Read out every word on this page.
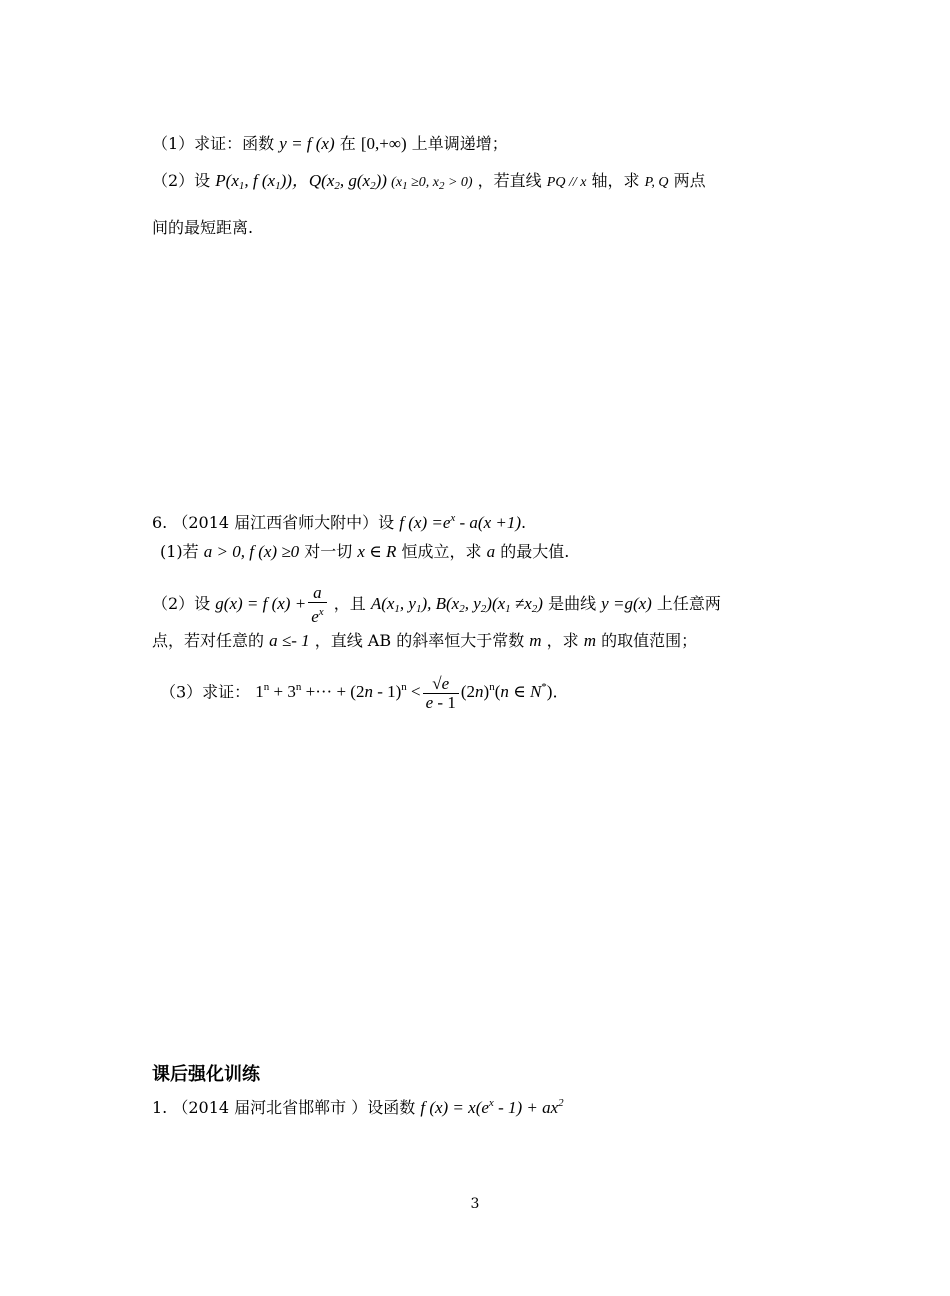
（1）求证：函数 y = f (x) 在 [0,+∞) 上单调递增；
（2）设 $P(x_1$, f $(x_1)$)，$Q(x_2$, $g(x_2)$) ($x_1 \ge 0$, $x_2 > 0$) ，若直线 PQ // x 轴，求 P, Q 两点
间的最短距离.
6. （2014 届江西省师大附中）设 f $(x) =e^x - a(x +1)$.
(1)若 a > 0, f (x) ≥0 对一切 x ∈ R 恒成立，求 a 的最大值.
（2）设 g(x) = f $(x) + \frac{a}{e^x}$ ，且 $A(x_1$, $y_1$), $B(x_2$, $y_2)(x_1 \ne x_2)$ 是曲线 y =g(x) 上任意两
点，若对任意的 a ≤- 1 ，直线 AB 的斜率恒大于常数 m ，求 m 的取值范围；
（3）求证： $1^n + 3^n$ +··· + $(2n - 1)^n < \frac{√e}{e - 1} (2n)^n(n$ ∈ N*).
课后强化训练
1. （2014 届河北省邯郸市 ）设函数 f $(x) = x(e^x - 1) + ax^2$
3
